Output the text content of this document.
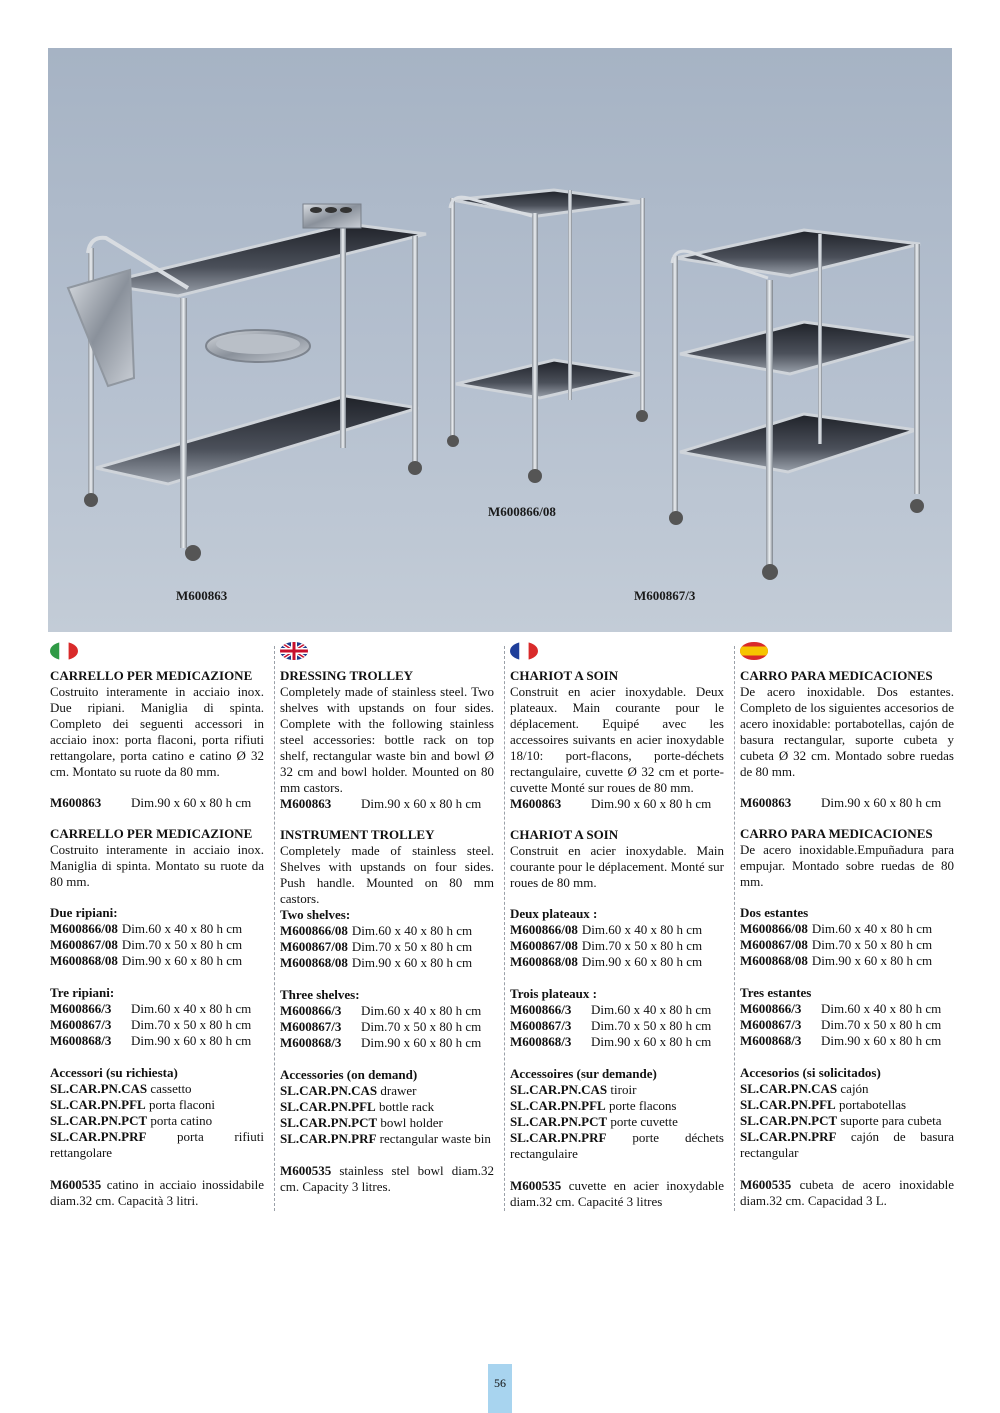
M600863
M600866/08
M600867/3
CARRELLO PER MEDICAZIONE
Costruito interamente in acciaio inox. Due ripiani. Maniglia di spinta. Completo dei seguenti accessori in acciaio inox: porta flaconi, porta rifiuti rettangolare, porta catino e catino Ø 32 cm. Montato su ruote da 80 mm.
M600863	Dim.90 x 60 x 80 h cm
CARRELLO PER MEDICAZIONE
Costruito interamente in acciaio inox. Maniglia di spinta. Montato su ruote da 80 mm.
Due ripiani:
M600866/08 Dim.60 x 40 x 80 h cm
M600867/08 Dim.70 x 50 x 80 h cm
M600868/08 Dim.90 x 60 x 80 h cm
Tre ripiani:
M600866/3	Dim.60 x 40 x 80 h cm
M600867/3	Dim.70 x 50 x 80 h cm
M600868/3	Dim.90 x 60 x 80 h cm
Accessori (su richiesta)
SL.CAR.PN.CAS cassetto
SL.CAR.PN.PFL porta flaconi
SL.CAR.PN.PCT porta catino
SL.CAR.PN.PRF porta rifiuti rettangolare
M600535 catino in acciaio inossidabile diam.32 cm. Capacità 3 litri.
DRESSING TROLLEY
Completely made of stainless steel. Two shelves with upstands on four sides. Complete with the following stainless steel accessories: bottle rack on top shelf, rectangular waste bin and bowl Ø 32 cm and bowl holder. Mounted on 80 mm castors.
M600863	Dim.90 x 60 x 80 h cm
INSTRUMENT TROLLEY
Completely made of stainless steel. Shelves with upstands on four sides. Push handle. Mounted on 80 mm castors.
Two shelves:
M600866/08 Dim.60 x 40 x 80 h cm
M600867/08 Dim.70 x 50 x 80 h cm
M600868/08 Dim.90 x 60 x 80 h cm
Three shelves:
M600866/3	Dim.60 x 40 x 80 h cm
M600867/3	Dim.70 x 50 x 80 h cm
M600868/3	Dim.90 x 60 x 80 h cm
Accessories (on demand)
SL.CAR.PN.CAS drawer
SL.CAR.PN.PFL bottle rack
SL.CAR.PN.PCT bowl holder
SL.CAR.PN.PRF rectangular waste bin
M600535 stainless stel bowl diam.32 cm. Capacity 3 litres.
CHARIOT A SOIN
Construit en acier inoxydable. Deux plateaux. Main courante pour le déplacement. Equipé avec les accessoires suivants en acier inoxydable 18/10: port-flacons, porte-déchets rectangulaire, cuvette Ø 32 cm et porte-cuvette Monté sur roues de 80 mm.
M600863	Dim.90 x 60 x 80 h cm
CHARIOT A SOIN
Construit en acier inoxydable. Main courante pour le déplacement. Monté sur roues de 80 mm.
Deux plateaux :
M600866/08 Dim.60 x 40 x 80 h cm
M600867/08 Dim.70 x 50 x 80 h cm
M600868/08 Dim.90 x 60 x 80 h cm
Trois plateaux :
M600866/3	Dim.60 x 40 x 80 h cm
M600867/3	Dim.70 x 50 x 80 h cm
M600868/3	Dim.90 x 60 x 80 h cm
Accessoires (sur demande)
SL.CAR.PN.CAS tiroir
SL.CAR.PN.PFL porte flacons
SL.CAR.PN.PCT porte cuvette
SL.CAR.PN.PRF porte déchets rectangulaire
M600535 cuvette en acier inoxydable diam.32 cm. Capacité 3 litres
CARRO PARA MEDICACIONES
De acero inoxidable. Dos estantes. Completo de los siguientes accesorios de acero inoxidable: portabotellas, cajón de basura rectangular, suporte cubeta y cubeta Ø 32 cm. Montado sobre ruedas de 80 mm.
M600863	Dim.90 x 60 x 80 h cm
CARRO PARA MEDICACIONES
De acero inoxidable.Empuñadura para empujar. Montado sobre ruedas de 80 mm.
Dos estantes
M600866/08 Dim.60 x 40 x 80 h cm
M600867/08 Dim.70 x 50 x 80 h cm
M600868/08 Dim.90 x 60 x 80 h cm
Tres estantes
M600866/3	Dim.60 x 40 x 80 h cm
M600867/3	Dim.70 x 50 x 80 h cm
M600868/3	Dim.90 x 60 x 80 h cm
Accesorios (si solicitados)
SL.CAR.PN.CAS cajón
SL.CAR.PN.PFL portabotellas
SL.CAR.PN.PCT suporte para cubeta
SL.CAR.PN.PRF cajón de basura rectangular
M600535 cubeta de acero inoxidable diam.32 cm. Capacidad 3 L.
56
